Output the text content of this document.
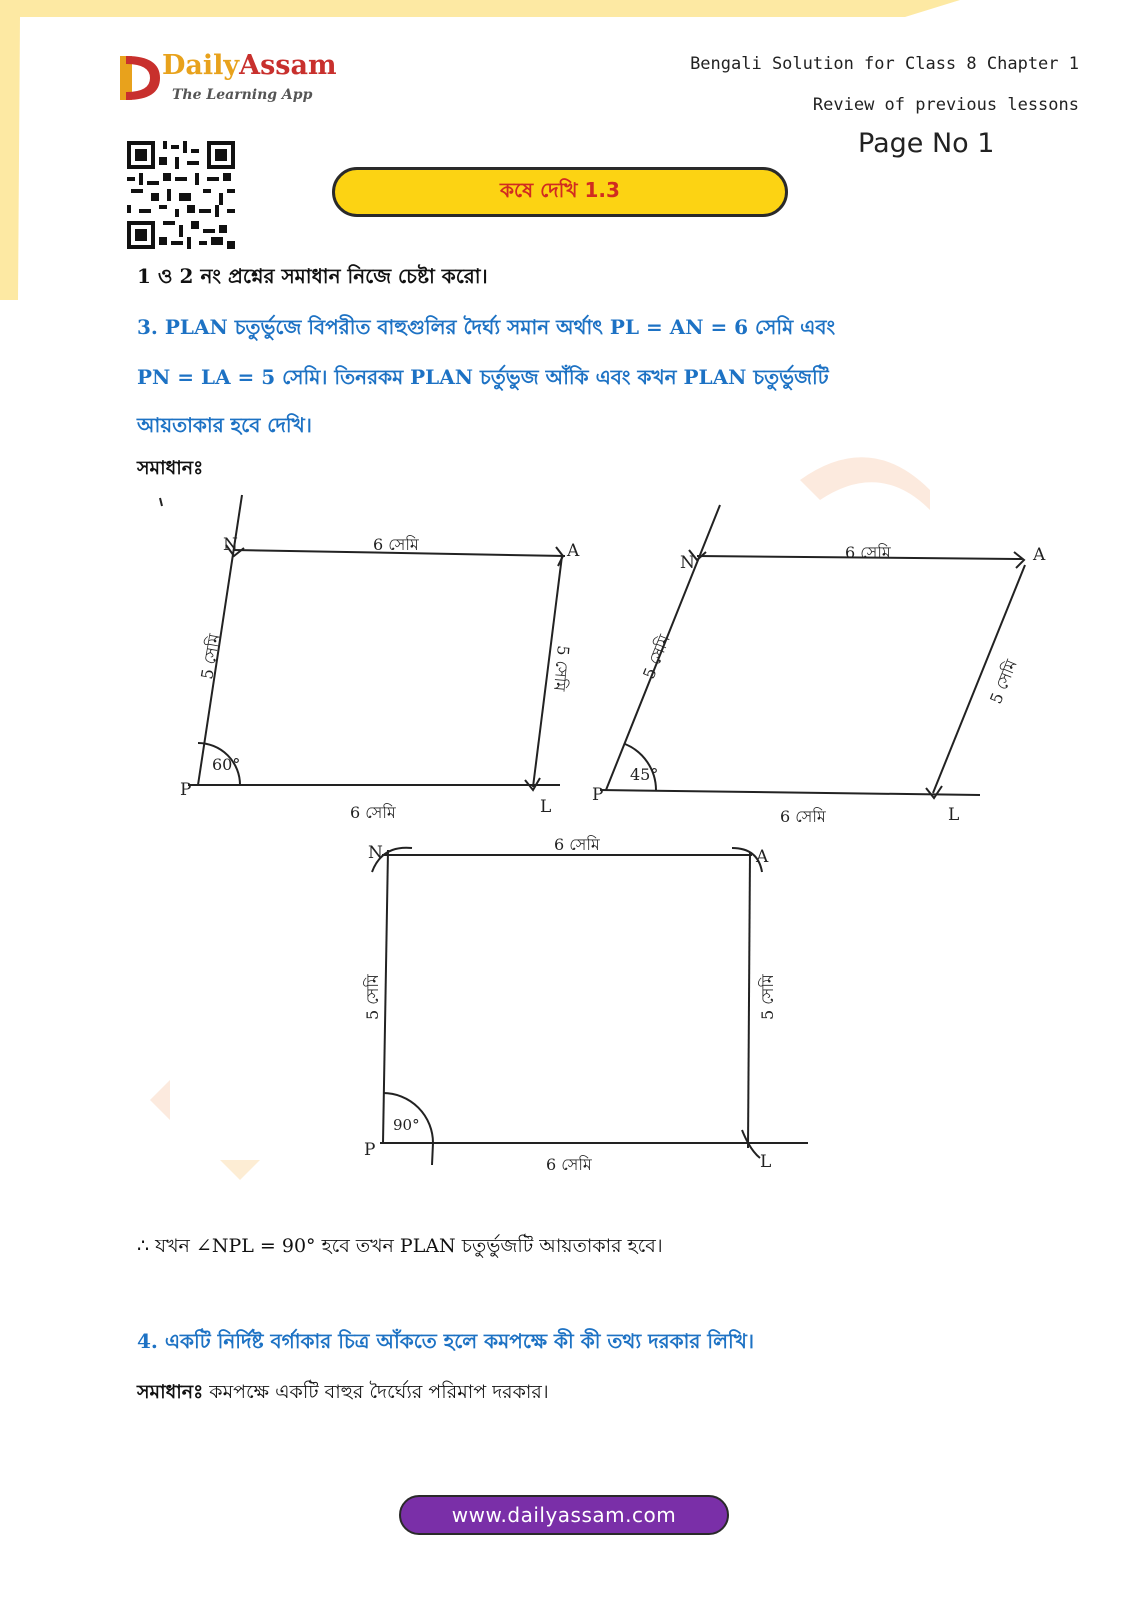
DailyAssam
The Learning App
Bengali Solution for Class 8 Chapter 1
Review of previous lessons
Page No 1
কষে দেখি 1.3
1 ও 2 নং প্রশ্নের সমাধান নিজে চেষ্টা করো।
3. PLAN চতুর্ভুজে বিপরীত বাহুগুলির দৈর্ঘ্য সমান অর্থাৎ PL = AN = 6 সেমি এবং
PN = LA = 5 সেমি। তিনরকম PLAN চর্তুভুজ আঁকি এবং কখন PLAN চতুর্ভুজটি
আয়তাকার হবে দেখি।
সমাধানঃ
N	A
P
L
6 সেমি
6 সেমি
60°
5 সেমি	5 সেমি
N	A
P
L
6 সেমি
6 সেমি
45°
5 সেমি
5 সেমি
N	A
P
L
6 সেমি
6 সেমি
90°
5 সেমি	5 সেমি
∴ যখন ∠NPL = 90° হবে তখন PLAN চতুর্ভুজটি আয়তাকার হবে।
4. একটি নির্দিষ্ট বর্গাকার চিত্র আঁকতে হলে কমপক্ষে কী কী তথ্য দরকার লিখি।
সমাধানঃ কমপক্ষে একটি বাহুর দৈর্ঘ্যের পরিমাপ দরকার।
www.dailyassam.com
